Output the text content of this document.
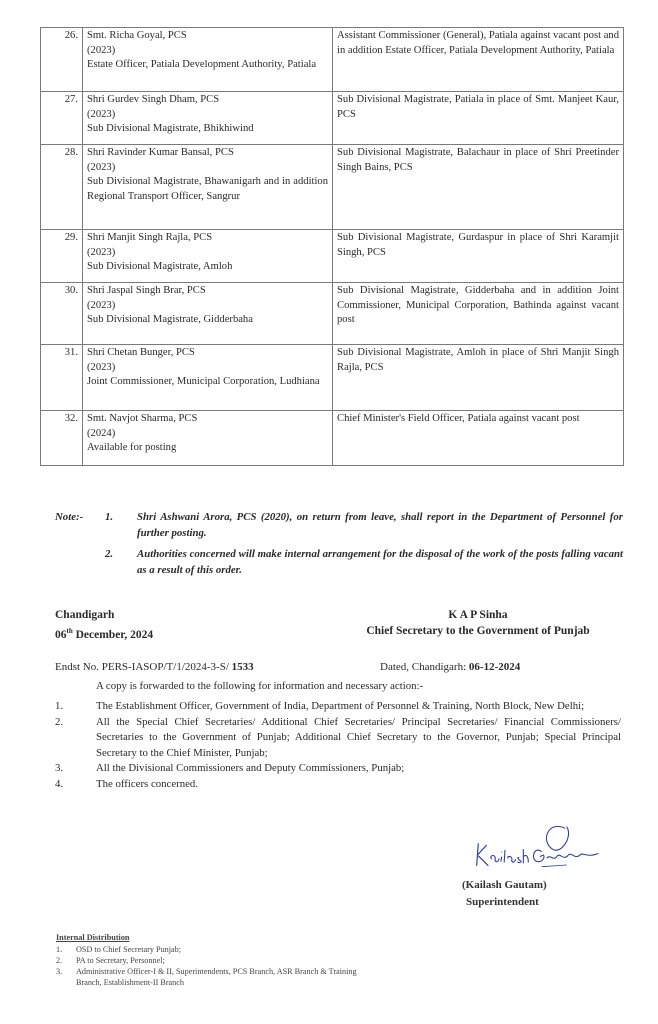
26.	Smt. Richa Goyal, PCS
(2023)
Estate Officer, Patiala Development Authority, Patiala	Assistant Commissioner (General), Patiala against vacant post and in addition Estate Officer, Patiala Development Authority, Patiala
27.	Shri Gurdev Singh Dham, PCS
(2023)
Sub Divisional Magistrate, Bhikhiwind	Sub Divisional Magistrate, Patiala in place of Smt. Manjeet Kaur, PCS
28.	Shri Ravinder Kumar Bansal, PCS
(2023)
Sub Divisional Magistrate, Bhawanigarh and in addition Regional Transport Officer, Sangrur	Sub Divisional Magistrate, Balachaur in place of Shri Preetinder Singh Bains, PCS
29.	Shri Manjit Singh Rajla, PCS
(2023)
Sub Divisional Magistrate, Amloh	Sub Divisional Magistrate, Gurdaspur in place of Shri Karamjit Singh, PCS
30.	Shri Jaspal Singh Brar, PCS
(2023)
Sub Divisional Magistrate, Gidderbaha	Sub Divisional Magistrate, Gidderbaha and in addition Joint Commissioner, Municipal Corporation, Bathinda against vacant post
31.	Shri Chetan Bunger, PCS
(2023)
Joint Commissioner, Municipal Corporation, Ludhiana	Sub Divisional Magistrate, Amloh in place of Shri Manjit Singh Rajla, PCS
32.	Smt. Navjot Sharma, PCS
(2024)
Available for posting	Chief Minister's Field Officer, Patiala against vacant post
Note:- 1. Shri Ashwani Arora, PCS (2020), on return from leave, shall report in the Department of Personnel for further posting.
2. Authorities concerned will make internal arrangement for the disposal of the work of the posts falling vacant as a result of this order.
Chandigarh
06th December, 2024
K A P Sinha
Chief Secretary to the Government of Punjab
Endst No. PERS-IASOP/T/1/2024-3-S/ 1533	Dated, Chandigarh: 06-12-2024
A copy is forwarded to the following for information and necessary action:-
1.	The Establishment Officer, Government of India, Department of Personnel & Training, North Block, New Delhi;
2.	All the Special Chief Secretaries/ Additional Chief Secretaries/ Principal Secretaries/ Financial Commissioners/ Secretaries to the Government of Punjab; Additional Chief Secretary to the Governor, Punjab; Special Principal Secretary to the Chief Minister, Punjab;
3.	All the Divisional Commissioners and Deputy Commissioners, Punjab;
4.	The officers concerned.
(Kailash Gautam)
Superintendent
Internal Distribution
1. OSD to Chief Secretary Punjab;
2. PA to Secretary, Personnel;
3. Administrative Officer-I & II, Superintendents, PCS Branch, ASR Branch & Training Branch, Establishment-II Branch
